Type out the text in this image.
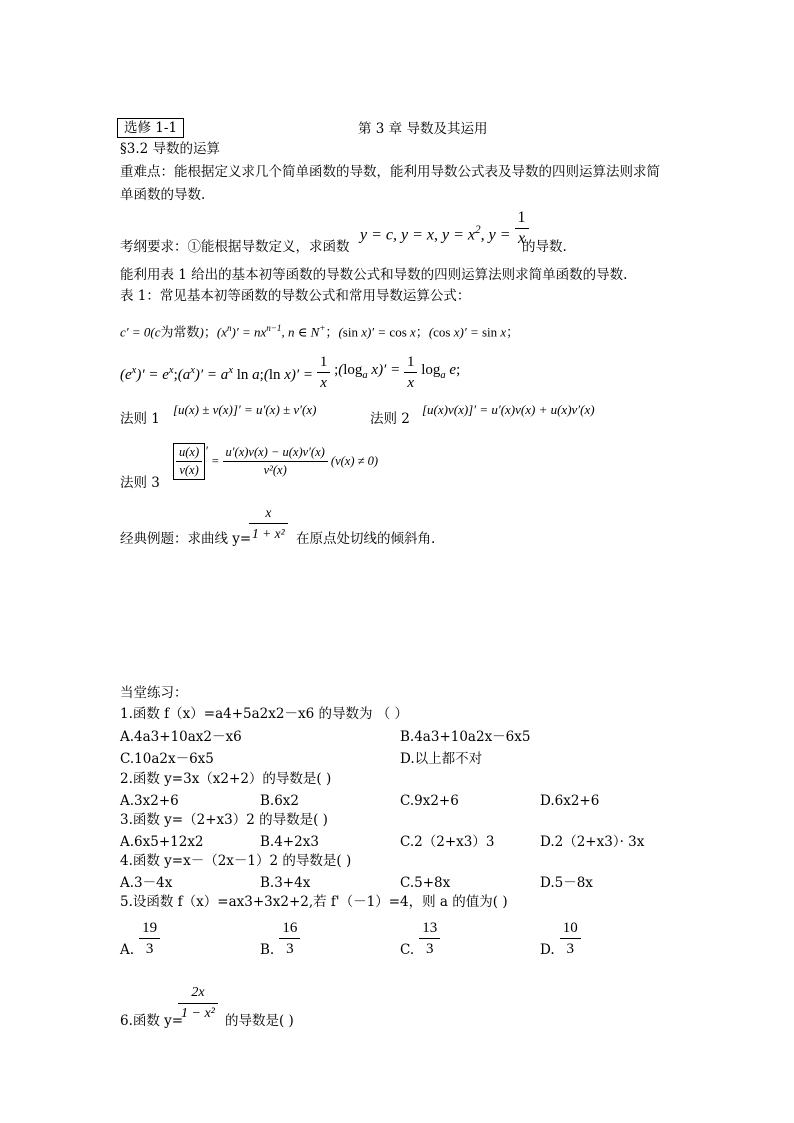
选修 1-1	第 3 章 导数及其运用
§3.2 导数的运算
重难点：能根据定义求几个简单函数的导数，能利用导数公式表及导数的四则运算法则求简
单函数的导数.
考纲要求：①能根据导数定义，求函数
y = c, y = x, $y = x^2$, $y = \frac{1}{x}$
的导数.
能利用表 1 给出的基本初等函数的导数公式和导数的四则运算法则求简单函数的导数.
表 1：常见基本初等函数的导数公式和常用导数运算公式：
c′ = 0(c为常数)；$(x^n)' = nx^{n-1}$, n ∈ N+；(sin x)′ = cos x；(cos x)′ = sin x；
$(e^x)'$ = $e^x;(a^x)' = a^x$ ln a;(ln $x)' = \frac{1}{x}$ $;(\log_a$ $x)' = \frac{1}{x} \log_a e$;
法则 1
[u(x) ± v(x)]′ = u′(x) ± v′(x)
法则 2
[u(x)v(x)]′ = u′(x)v(x) + u(x)v′(x)
法则 3
$\frac{u(x)}{v(x)}$ ′ = $\frac{u'(x)v(x) - u(x)v'(x)}{\text{v²(x)}} (v(x) \ne 0)$
经典例题：求曲线 y=
$\frac{x}{\text{1 + x²}}$ 在原点处切线的倾斜角.
当堂练习：
1.函数 f（x）=a4+5a2x2－x6 的导数为 （ ）
A.4a3+10ax2－x6	B.4a3+10a2x－6x5
C.10a2x－6x5	D.以上都不对
2.函数 y=3x（x2+2）的导数是( )
A.3x2+6	B.6x2	C.9x2+6	D.6x2+6
3.函数 y=（2+x3）2 的导数是( )
A.6x5+12x2	B.4+2x3	C.2（2+x3）3	D.2（2+x3）· 3x
4.函数 y=x－（2x－1）2 的导数是( )
A.3－4x	B.3+4x	C.5+8x	D.5－8x
5.设函数 f（x）=ax3+3x2+2,若 f'（－1）=4，则 a 的值为( )
A. $\frac{19}{3}$	B. $\frac{16}{3}$	C. $\frac{13}{3}$	D. $\frac{10}{3}$
6.函数 y=
$\frac{2x}{\text{1 − x²}}$ 的导数是( )
